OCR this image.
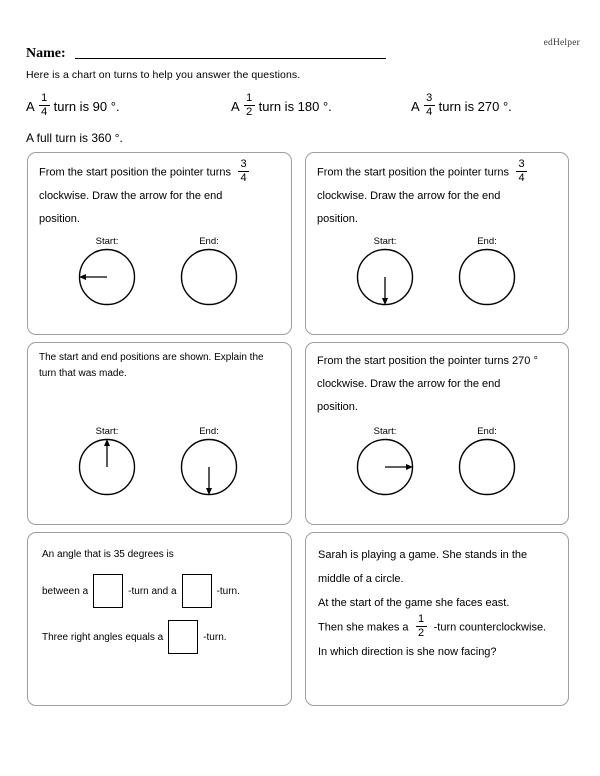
edHelper
Name:
Here is a chart on turns to help you answer the questions.
A $\frac{1}{4}$ turn is 90 °.	A $\frac{1}{2}$ turn is 180 °.	A $\frac{3}{4}$ turn is 270 °.
A full turn is 360 °.
From the start position the pointer turns $\frac{3}{4}$
clockwise. Draw the arrow for the end
position.
Start:	End:
From the start position the pointer turns $\frac{3}{4}$
clockwise. Draw the arrow for the end
position.
Start:	End:
The start and end positions are shown. Explain the
turn that was made.
Start:	End:
From the start position the pointer turns 270 °
clockwise. Draw the arrow for the end
position.
Start:	End:
An angle that is 35 degrees is
between a	-turn and a	-turn.
Three right angles equals a	-turn.
Sarah is playing a game. She stands in the
middle of a circle.
At the start of the game she faces east.
Then she makes a $\frac{1}{2}$ -turn counterclockwise.
In which direction is she now facing?
